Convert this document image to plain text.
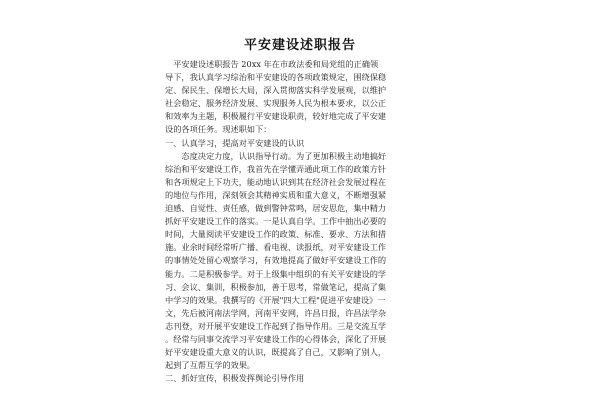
平安建设述职报告
　平安建设述职报告 20xx 年在市政法委和局党组的正确领
导下，我认真学习综治和平安建设的各项政策规定，围绕保稳
定、保民生、保增长大局，深入贯彻落实科学发展观，以维护
社会稳定、服务经济发展、实现服务人民为根本要求，以公正
和效率为主题，积极履行平安建设职责，较好地完成了平安建
设的各项任务。现述职如下：
一、认真学习，提高对平安建设的认识
　　态度决定力度，认识指导行动。为了更加积极主动地搞好
综治和平安建设工作，我首先在学懂弄通此项工作的政策方针
和各项规定上下功夫，能动地认识到其在经济社会发展过程在
的地位与作用，深刻领会其精神实质和重大意义，不断增强紧
迫感、自觉性、责任感，做到警钟常鸣，居安思危，集中精力
抓好平安建设工作的落实。一是认真自学。工作中抽出必要的
时间，大量阅读平安建设工作的政策、标准、要求、方法和措
施。业余时间经常听广播、看电视、读报纸，对平安建设工作
的事情处处留心观察学习，有效地提高了做好平安建设工作的
能力。二是积极参学。对于上级集中组织的有关平安建设的学
习、会议、集训，积极参加，善于思考，常做笔记，提高了集
中学习的效果。我撰写的《开展"四大工程"促进平安建设》一
文，先后被河南法学网，河南平安网，许昌日报，许昌法学杂
志刊登，对开展平安建设工作起到了指导作用。三是交流互学
。经常与同事交流学习平安建设工作的心得体会，深化了开展
好平安建设重大意义的认识，既提高了自己，又影响了别人，
起到了互帮互学的效果。
二、抓好宣传，积极发挥舆论引导作用
